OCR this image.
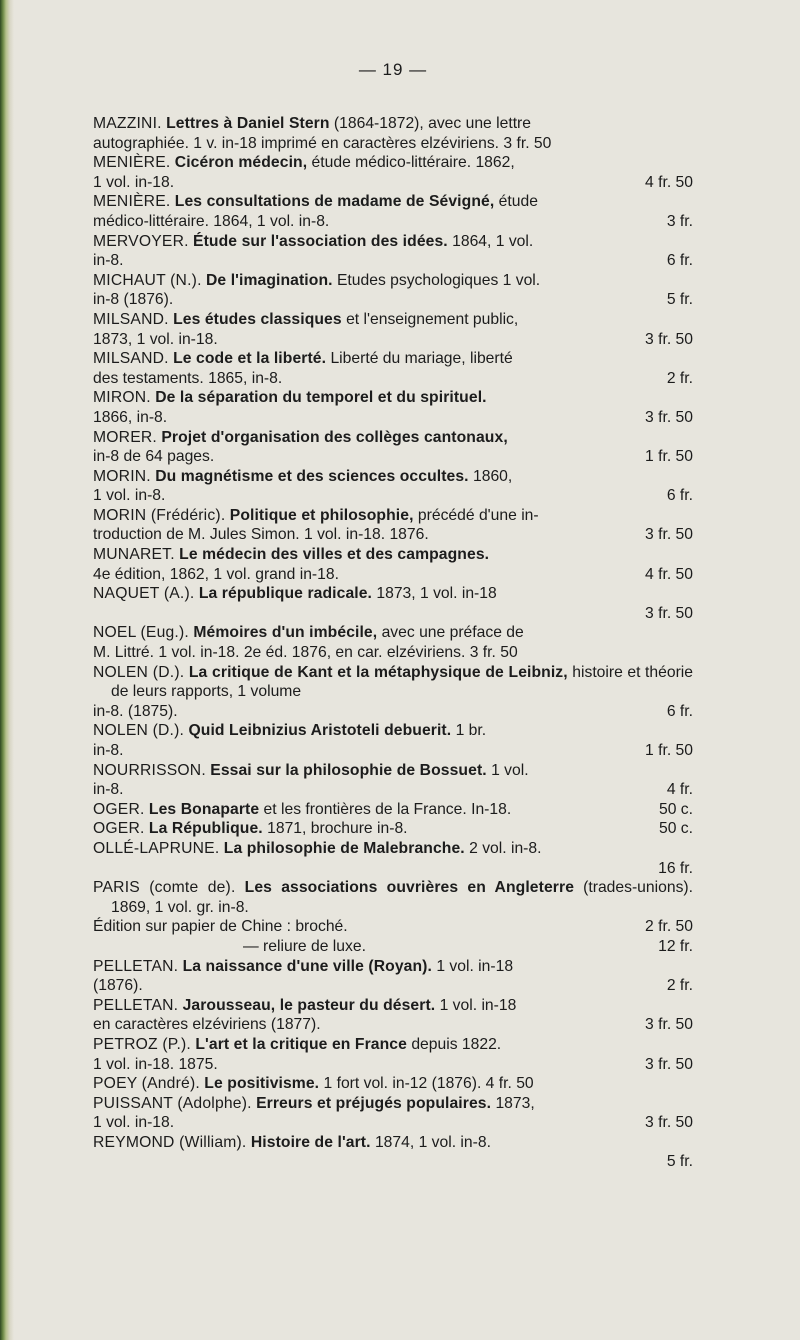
— 19 —

MAZZINI. Lettres à Daniel Stern (1864-1872), avec une lettre
autographiée. 1 v. in-18 imprimé en caractères elzéviriens. 3 fr. 50

MENIÈRE. Cicéron médecin, étude médico-littéraire. 1862,
4 fr. 50
1 vol. in-18.

MENIÈRE. Les consultations de madame de Sévigné, étude
3 fr.
médico-littéraire. 1864, 1 vol. in-8.

MERVOYER. Étude sur l'association des idées. 1864, 1 vol.
6 fr.
in-8.

MICHAUT (N.). De l'imagination. Etudes psychologiques 1 vol.
5 fr.
in-8 (1876).

MILSAND. Les études classiques et l'enseignement public,
3 fr. 50
1873, 1 vol. in-18.

MILSAND. Le code et la liberté. Liberté du mariage, liberté
2 fr.
des testaments. 1865, in-8.

MIRON. De la séparation du temporel et du spirituel.
3 fr. 50
1866, in-8.

MORER. Projet d'organisation des collèges cantonaux,
1 fr. 50
in-8 de 64 pages.

MORIN. Du magnétisme et des sciences occultes. 1860,
6 fr.
1 vol. in-8.

MORIN (Frédéric). Politique et philosophie, précédé d'une in-
3 fr. 50
troduction de M. Jules Simon. 1 vol. in-18. 1876.

MUNARET. Le médecin des villes et des campagnes.
4 fr. 50
4e édition, 1862, 1 vol. grand in-18.

NAQUET (A.). La république radicale. 1873, 1 vol. in-18
3 fr. 50

NOEL (Eug.). Mémoires d'un imbécile, avec une préface de
M. Littré. 1 vol. in-18. 2e éd. 1876, en car. elzéviriens. 3 fr. 50

NOLEN (D.). La critique de Kant et la métaphysique de Leibniz, histoire et théorie de leurs rapports, 1 volume
6 fr.
in-8. (1875).

NOLEN (D.). Quid Leibnizius Aristoteli debuerit. 1 br.
1 fr. 50
in-8.

NOURRISSON. Essai sur la philosophie de Bossuet. 1 vol.
4 fr.
in-8.

50 c.
OGER. Les Bonaparte et les frontières de la France. In-18.

50 c.
OGER. La République. 1871, brochure in-8.

OLLÉ-LAPRUNE. La philosophie de Malebranche. 2 vol. in-8.
16 fr.

PARIS (comte de). Les associations ouvrières en Angleterre (trades-unions). 1869, 1 vol. gr. in-8.
2 fr. 50
Édition sur papier de Chine : broché.
12 fr.
— reliure de luxe.

PELLETAN. La naissance d'une ville (Royan). 1 vol. in-18
2 fr.
(1876).

PELLETAN. Jarousseau, le pasteur du désert. 1 vol. in-18
3 fr. 50
en caractères elzéviriens (1877).

PETROZ (P.). L'art et la critique en France depuis 1822.
3 fr. 50
1 vol. in-18. 1875.

POEY (André). Le positivisme. 1 fort vol. in-12 (1876). 4 fr. 50

PUISSANT (Adolphe). Erreurs et préjugés populaires. 1873,
3 fr. 50
1 vol. in-18.

REYMOND (William). Histoire de l'art. 1874, 1 vol. in-8.
5 fr.
